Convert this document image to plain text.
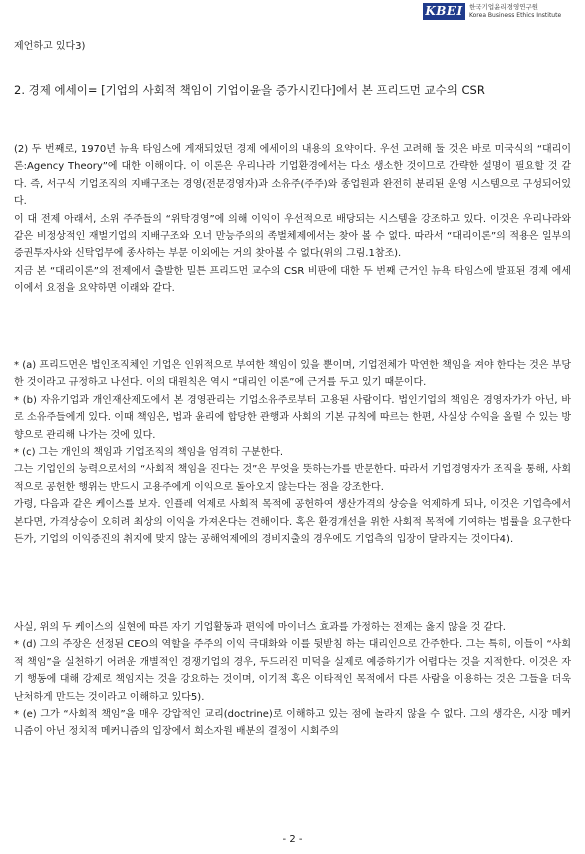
KBEI 한국기업윤리경영연구원
Korea Business Ethics Institute

제언하고 있다3)

2. 경제 에세이= [기업의 사회적 책임이 기업이윤을 증가시킨다]에서 본 프리드먼 교수의 CSR

(2) 두 번째로, 1970년 뉴욕 타임스에 게재되었던 경제 에세이의 내용의 요약이다. 우선 고려해 둘 것은 바로 미국식의 “대리이론:Agency Theory”에 대한 이해이다. 이 이론은 우리나라 기업환경에서는 다소 생소한 것이므로 간략한 설명이 필요할 것 같다. 즉, 서구식 기업조직의 지배구조는 경영(전문경영자)과 소유주(주주)와 종업원과 완전히 분리된 운영 시스템으로 구성되어있다.

이 대 전제 아래서, 소위 주주들의 “위탁경영”에 의해 이익이 우선적으로 배당되는 시스템을 강조하고 있다. 이것은 우리나라와 같은 비정상적인 재벌기업의 지배구조와 오너 만능주의의 족벌체제에서는 찾아 볼 수 없다. 따라서 “대리이론”의 적용은 일부의 증권투자사와 신탁업무에 종사하는 부문 이외에는 거의 찾아볼 수 없다(위의 그림.1참조).

지금 본 “대리이론”의 전제에서 출발한 밀튼 프리드먼 교수의 CSR 비판에 대한 두 번째 근거인 뉴욕 타임스에 발표된 경제 에세이에서 요점을 요약하면 이래와 같다.

* (a) 프리드먼은 법인조직체인 기업은 인위적으로 부여한 책임이 있을 뿐이며, 기업전체가 막연한 책임을 져야 한다는 것은 부당한 것이라고 규정하고 나선다. 이의 대원칙은 역시 “대리인 이론”에 근거를 두고 있기 때문이다.

* (b) 자유기업과 개인재산제도에서 본 경영관리는 기업소유주로부터 고용된 사람이다. 법인기업의 책임은 경영자가가 아닌, 바로 소유주들에게 있다. 이때 책임은, 법과 윤리에 합당한 관행과 사회의 기본 규칙에 따르는 한편, 사실상 수익을 올릴 수 있는 방향으로 관리해 나가는 것에 있다.

* (c) 그는 개인의 책임과 기업조직의 책임을 엄격히 구분한다.

그는 기업인의 능력으로서의 “사회적 책임을 진다는 것”은 무엇을 뜻하는가를 반문한다. 따라서 기업경영자가 조직을 통해, 사회적으로 공헌한 행위는 반드시 고용주에게 이익으로 돌아오지 않는다는 점을 강조한다.

가령, 다음과 같은 케이스를 보자. 인플레 억제로 사회적 목적에 공헌하여 생산가격의 상승을 억제하게 되나, 이것은 기업측에서 본다면, 가격상승이 오히려 최상의 이익을 가져온다는 견해이다. 혹은 환경개선을 위한 사회적 목적에 기여하는 법률을 요구한다든가, 기업의 이익증진의 취지에 맞지 않는 공해억제에의 경비지출의 경우에도 기업측의 입장이 달라지는 것이다4).

사실, 위의 두 케이스의 실현에 따른 자기 기업활동과 편익에 마이너스 효과를 가정하는 전제는 옳지 않을 것 같다.

* (d) 그의 주장은 선정된 CEO의 역할을 주주의 이익 극대화와 이를 뒷받침 하는 대리인으로 간주한다. 그는 특히, 이들이 “사회적 책임”을 실천하기 어려운 개별적인 경쟁기업의 경우, 두드러진 미덕을 실제로 예증하기가 어렵다는 것을 지적한다. 이것은 자기 행동에 대해 강제로 책임지는 것을 강요하는 것이며, 이기적 혹은 이타적인 목적에서 다른 사람을 이용하는 것은 그들을 더욱 난처하게 만드는 것이라고 이해하고 있다5).

* (e) 그가 “사회적 책임”을 매우 강압적인 교리(doctrine)로 이해하고 있는 점에 놀라지 않을 수 없다. 그의 생각은, 시장 메커니즘이 아닌 정치적 메커니즘의 입장에서 희소자원 배분의 결정이 시회주의

- 2 -
